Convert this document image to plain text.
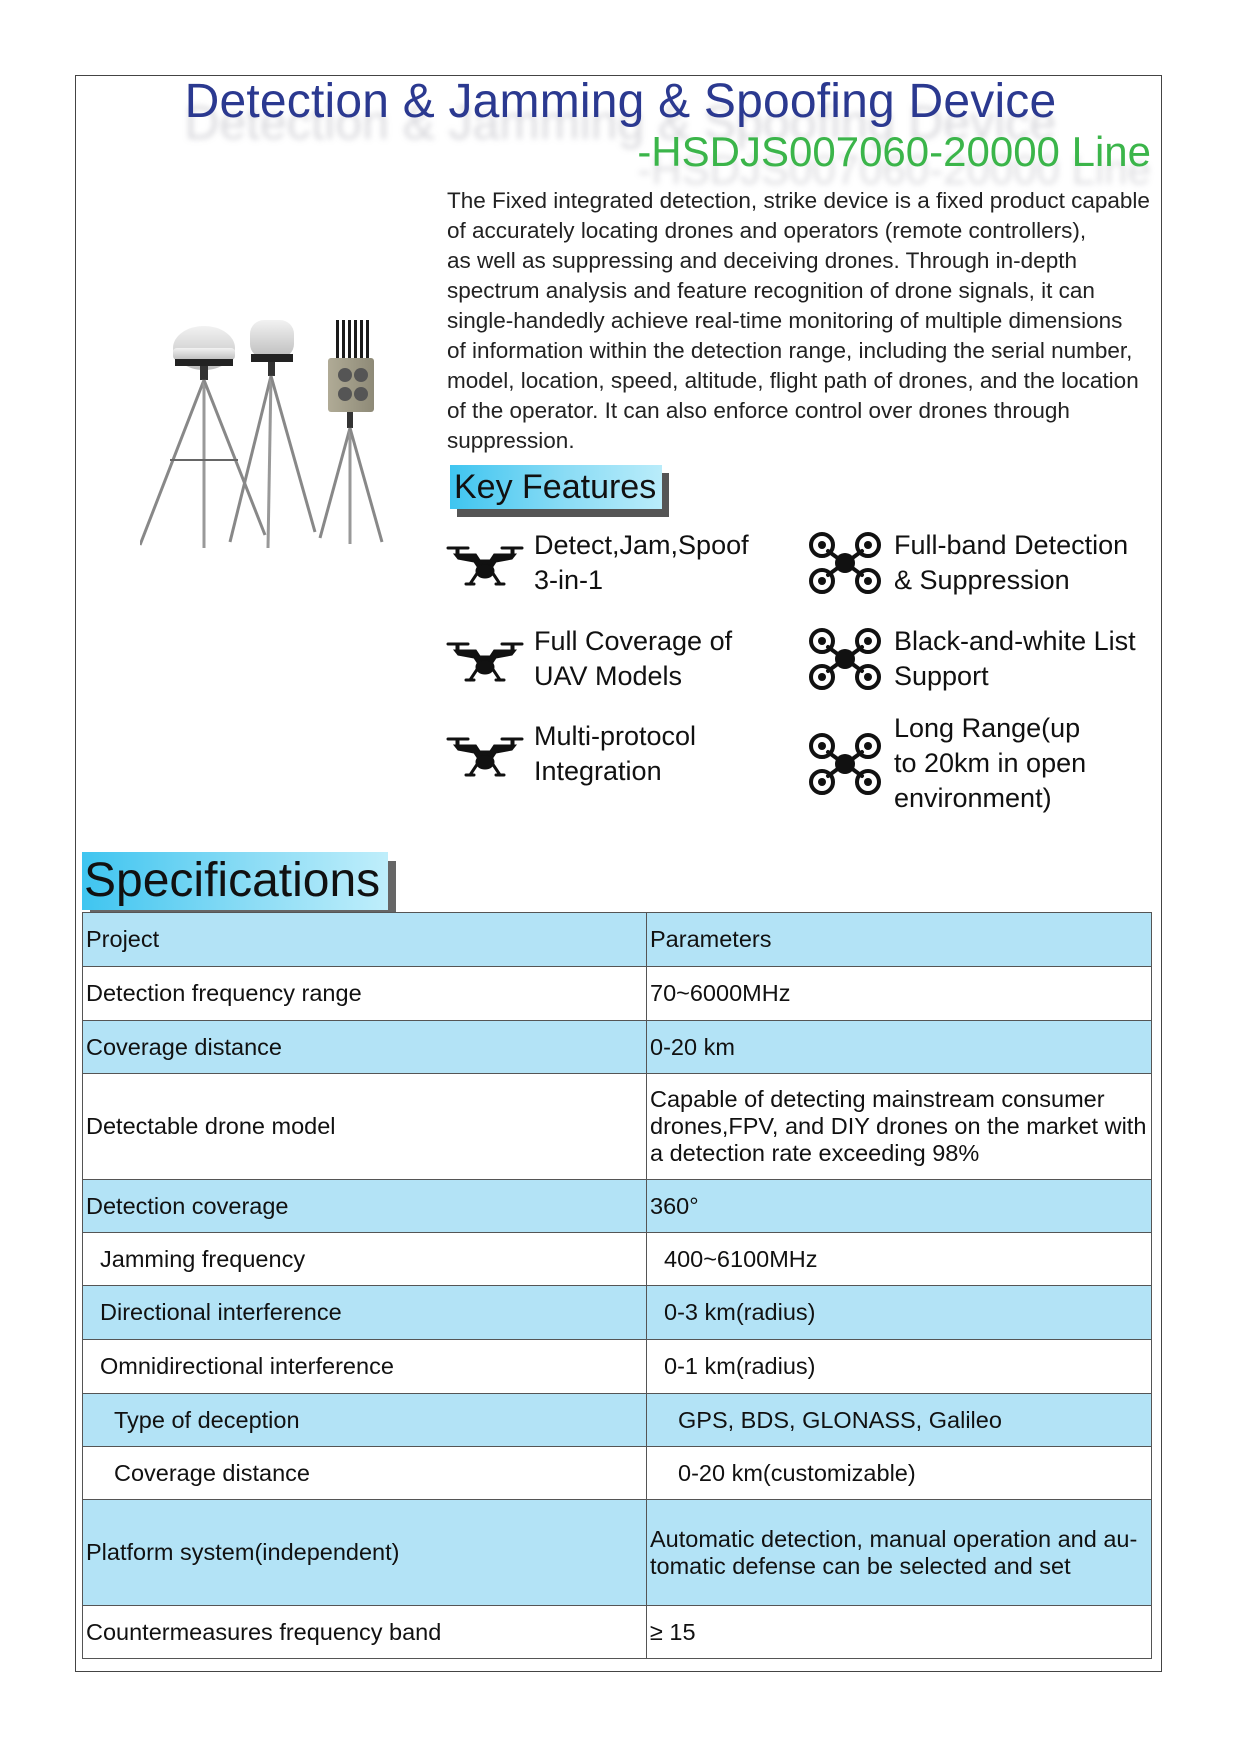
Detection & Jamming & Spoofing Device
-HSDJS007060-20000 Line
The Fixed integrated detection, strike device is a fixed product capable
of accurately locating drones and operators (remote controllers),
as well as suppressing and deceiving drones. Through in-depth
spectrum analysis and feature recognition of drone signals, it can
single-handedly achieve real-time monitoring of multiple dimensions
of information within the detection range, including the serial number,
model, location, speed, altitude, flight path of drones, and the location
of the operator. It can also enforce control over drones through
suppression.
Key Features
Detect,Jam,Spoof
3-in-1
Full Coverage of
UAV Models
Multi-protocol
Integration
Full-band Detection
& Suppression
Black-and-white List
Support
Long Range(up
to 20km in open
environment)
Specifications
Project	Parameters

Detection frequency range	70~6000MHz

Coverage distance	0-20 km

Detectable drone model	Capable of detecting mainstream consumer
drones,FPV, and DIY drones on the market with
a detection rate exceeding 98%

Detection coverage	360°

Jamming frequency	400~6100MHz

Directional interference	0-3 km(radius)

Omnidirectional interference	0-1 km(radius)

Type of deception	GPS, BDS, GLONASS, Galileo

Coverage distance	0-20 km(customizable)

Platform system(independent)	Automatic detection, manual operation and au-
tomatic defense can be selected and set

Countermeasures frequency band	≥ 15
